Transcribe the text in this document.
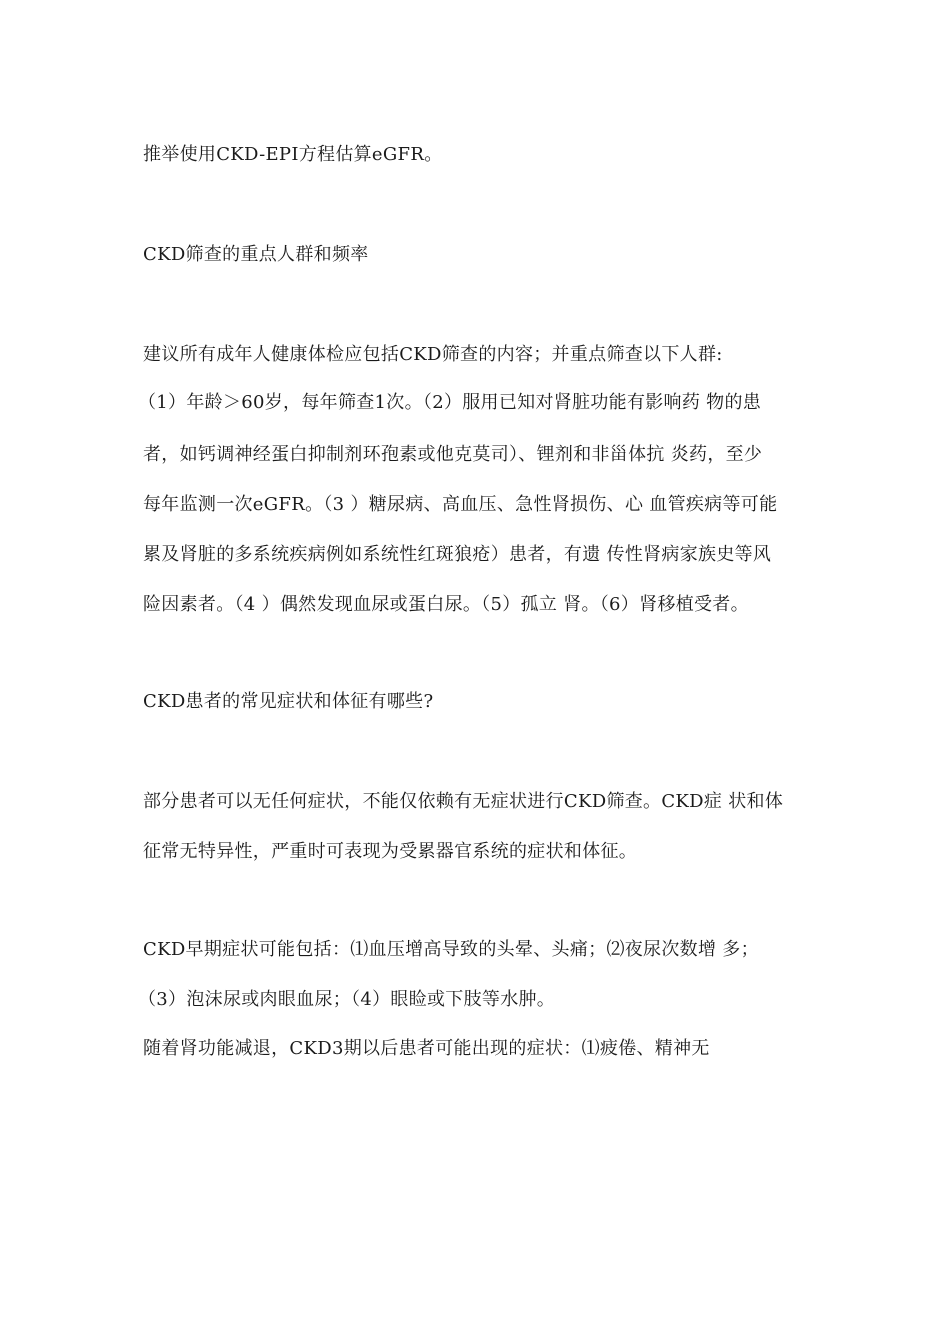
推举使用CKD-EPI方程估算eGFR。
CKD筛查的重点人群和频率
建议所有成年人健康体检应包括CKD筛查的内容；并重点筛查以下人群:
（1）年龄＞60岁，每年筛查1次。（2）服用已知对肾脏功能有影响药 物的患
者，如钙调神经蛋白抑制剂环孢素或他克莫司）、锂剂和非甾体抗 炎药，至少
每年监测一次eGFR。（3 ）糖尿病、高血压、急性肾损伤、心 血管疾病等可能
累及肾脏的多系统疾病例如系统性红斑狼疮）患者，有遗 传性肾病家族史等风
险因素者。（4 ）偶然发现血尿或蛋白尿。（5）孤立 肾。（6）肾移植受者。
CKD患者的常见症状和体征有哪些?
部分患者可以无任何症状，不能仅依赖有无症状进行CKD筛查。CKD症 状和体
征常无特异性，严重时可表现为受累器官系统的症状和体征。
CKD早期症状可能包括：⑴血压增高导致的头晕、头痛；⑵夜尿次数增 多；
（3）泡沫尿或肉眼血尿；（4）眼睑或下肢等水肿。
随着肾功能减退，CKD3期以后患者可能出现的症状：⑴疲倦、精神无
